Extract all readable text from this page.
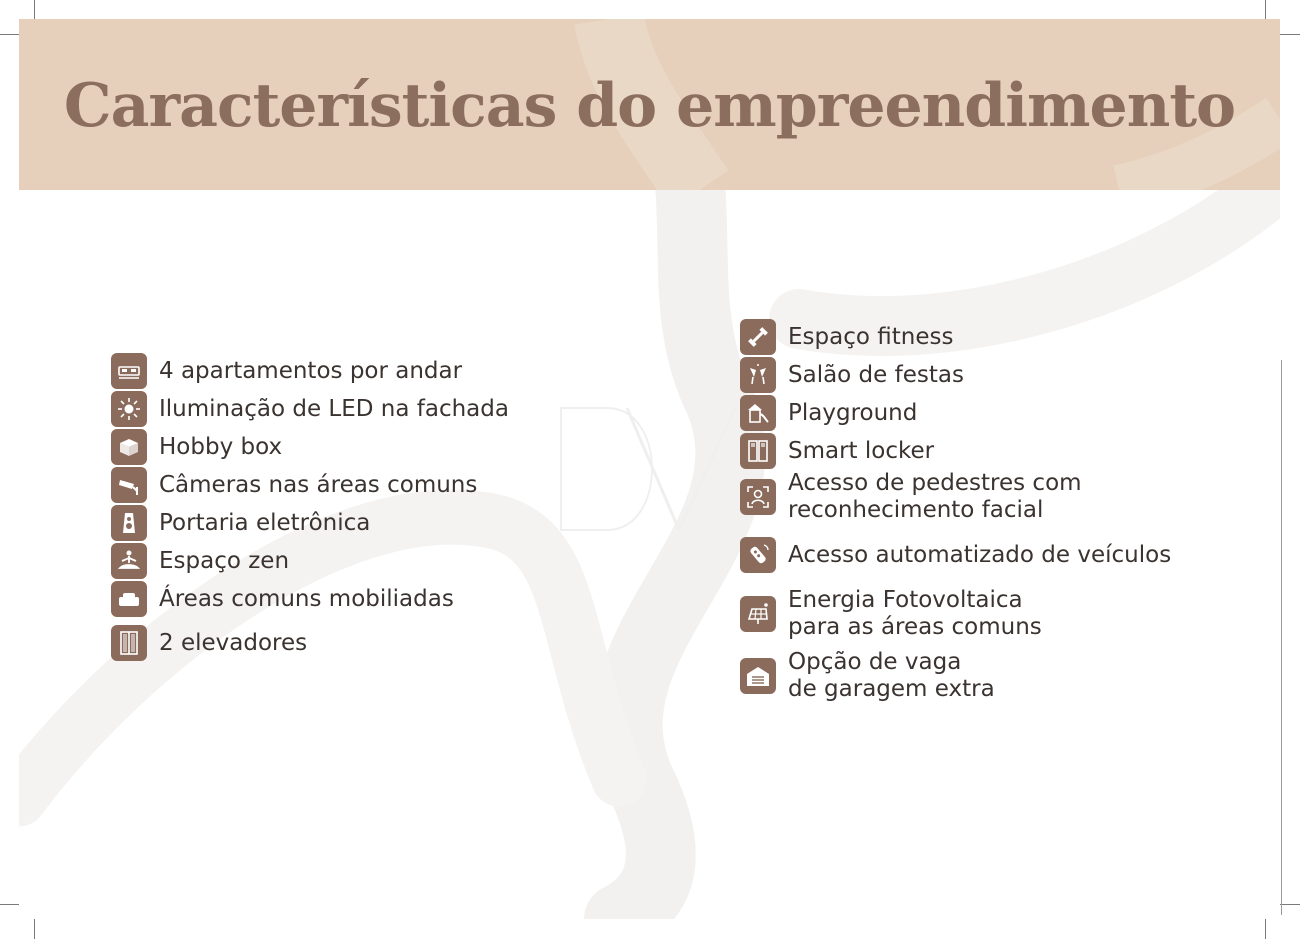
Características do empreendimento
4 apartamentos por andar
Iluminação de LED na fachada
Hobby box
Câmeras nas áreas comuns
Portaria eletrônica
Espaço zen
Áreas comuns mobiliadas
2 elevadores
Espaço fitness
Salão de festas
Playground
Smart locker
Acesso de pedestres com
reconhecimento facial
Acesso automatizado de veículos
Energia Fotovoltaica
para as áreas comuns
Opção de vaga
de garagem extra
